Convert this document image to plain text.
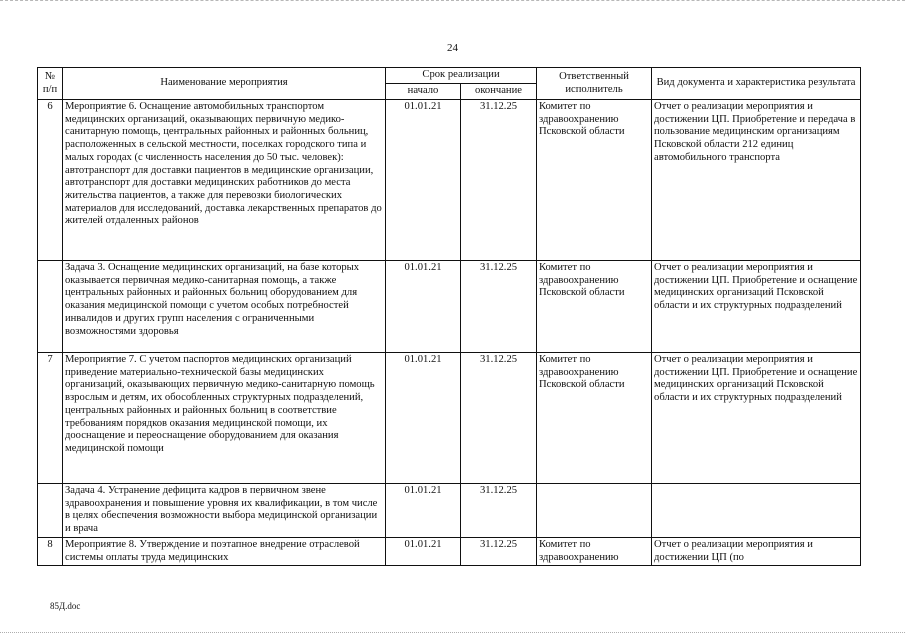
24
№ п/п	Наименование мероприятия	Срок реализации		Ответственный исполнитель	Вид документа и характеристика результата
		начало	окончание		
6	Мероприятие 6. Оснащение автомобильных транспортом медицинских организаций, оказывающих первичную медико-санитарную помощь, центральных районных и районных больниц, расположенных в сельской местности, поселках городского типа и малых городах (с численность населения до 50 тыс. человек): автотранспорт для доставки пациентов в медицинские организации, автотранспорт для доставки медицинских работников до места жительства пациентов, а также для перевозки биологических материалов для исследований, доставка лекарственных препаратов до жителей отдаленных районов	01.01.21	31.12.25	Комитет по здравоохранению Псковской области	Отчет о реализации мероприятия и достижении ЦП. Приобретение и передача в пользование медицинским организациям Псковской области 212 единиц автомобильного транспорта
	Задача 3. Оснащение медицинских организаций, на базе которых оказывается первичная медико-санитарная помощь, а также центральных районных и районных больниц оборудованием для оказания медицинской помощи с учетом особых потребностей инвалидов и других групп населения с ограниченными возможностями здоровья	01.01.21	31.12.25	Комитет по здравоохранению Псковской области	Отчет о реализации мероприятия и достижении ЦП. Приобретение и оснащение медицинских организаций Псковской области и их структурных подразделений
7	Мероприятие 7. С учетом паспортов медицинских организаций приведение материально-технической базы медицинских организаций, оказывающих первичную медико-санитарную помощь взрослым и детям, их обособленных структурных подразделений, центральных районных и районных больниц в соответствие требованиям порядков оказания медицинской помощи, их дооснащение и переоснащение оборудованием для оказания медицинской помощи	01.01.21	31.12.25	Комитет по здравоохранению Псковской области	Отчет о реализации мероприятия и достижении ЦП. Приобретение и оснащение медицинских организаций Псковской области и их структурных подразделений
	Задача 4. Устранение дефицита кадров в первичном звене здравоохранения и повышение уровня их квалификации, в том числе в целях обеспечения возможности выбора медицинской организации и врача	01.01.21	31.12.25		
8	Мероприятие 8. Утверждение и поэтапное внедрение отраслевой системы оплаты труда медицинских	01.01.21	31.12.25	Комитет по здравоохранению	Отчет о реализации мероприятия и достижении ЦП (по
85Д.doc
